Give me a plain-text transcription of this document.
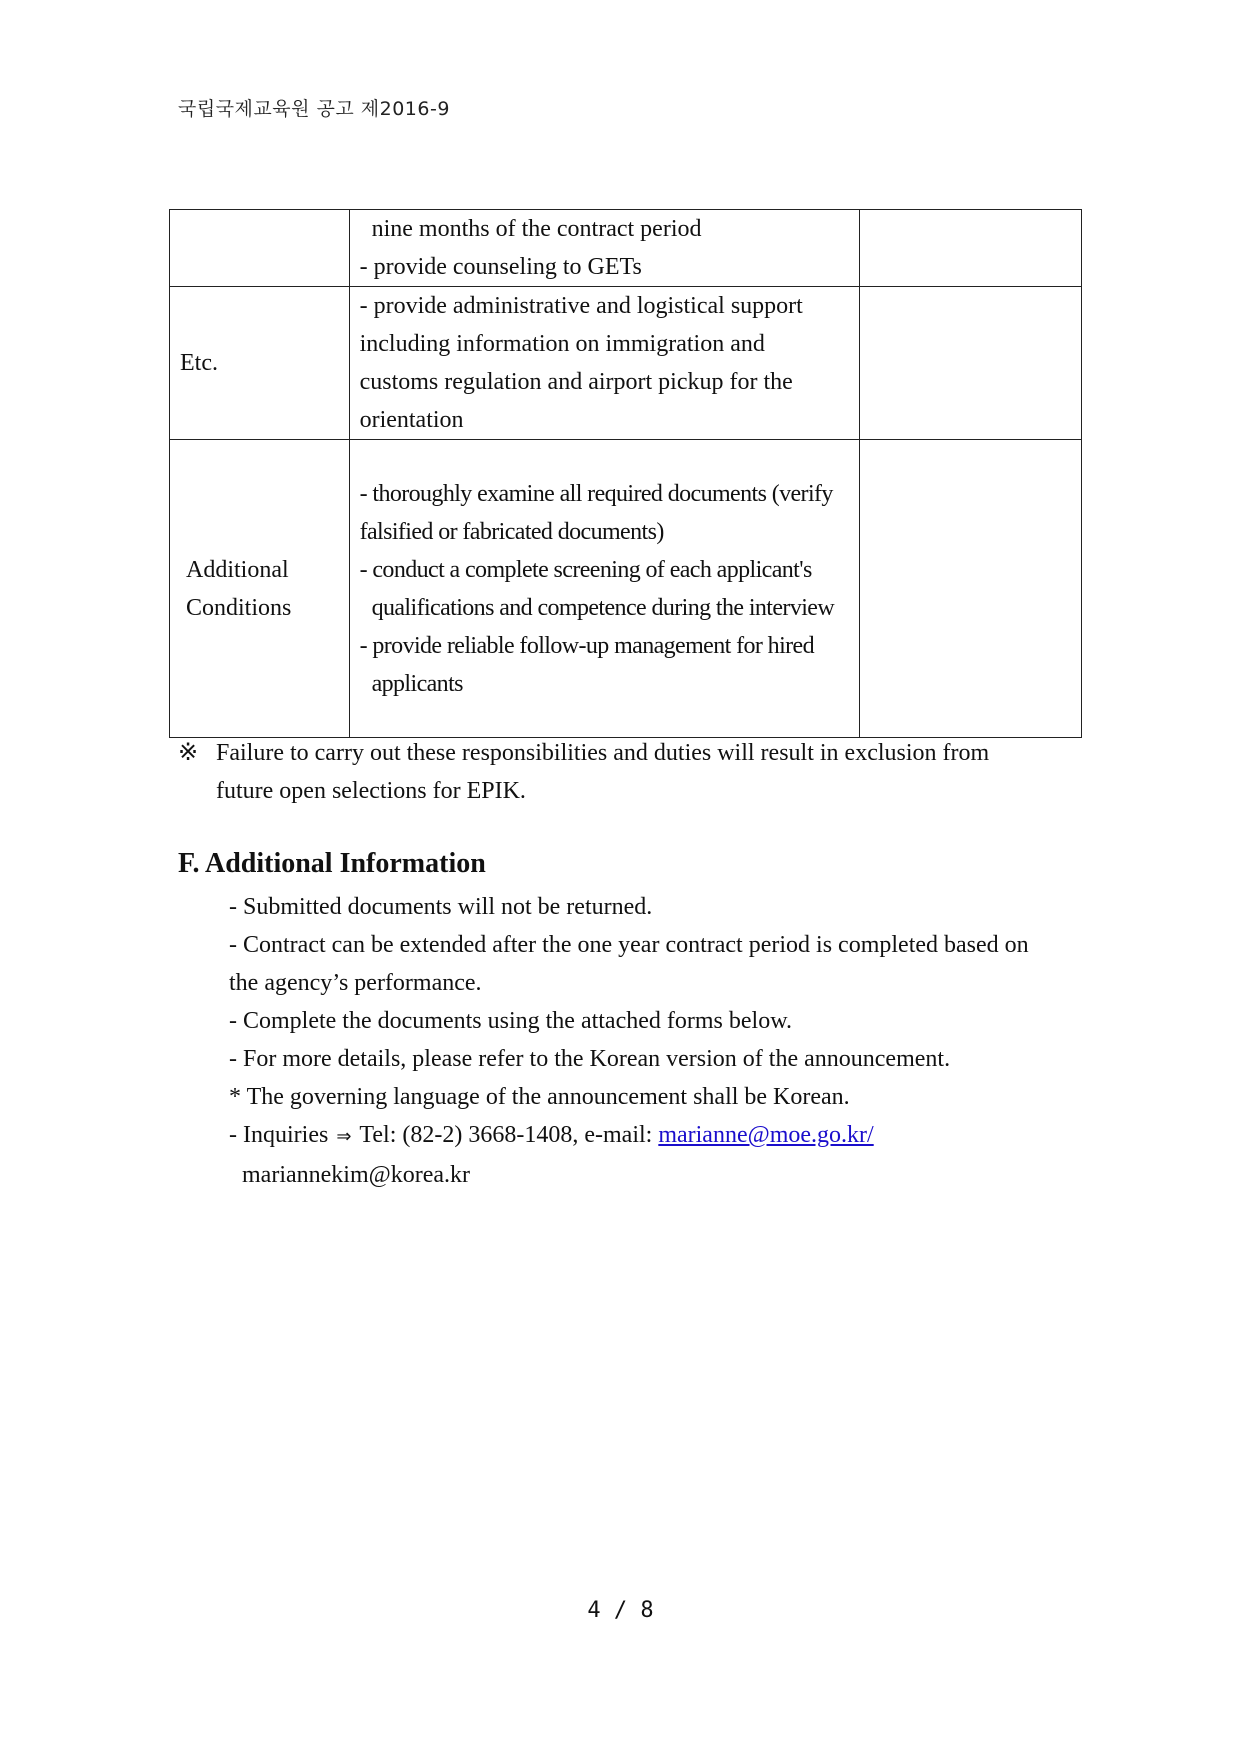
국립국제교육원 공고 제2016-9

	nine months of the contract period
- provide counseling to GETs	

Etc.	- provide administrative and logistical support
including information on immigration and
customs regulation and airport pickup for the
orientation	

Additional
Conditions

- thoroughly examine all required documents (verify
falsified or fabricated documents)
- conduct a complete screening of each applicant's
qualifications and competence during the interview
- provide reliable follow-up management for hired
applicants

※ Failure to carry out these responsibilities and duties will result in exclusion from
future open selections for EPIK.
F. Additional Information

- Submitted documents will not be returned.

- Contract can be extended after the one year contract period is completed based on

the agency’s performance.

- Complete the documents using the attached forms below.

- For more details, please refer to the Korean version of the announcement.

* The governing language of the announcement shall be Korean.

- Inquiries ⇒ Tel: (82-2) 3668-1408, e-mail: marianne@moe.go.kr/

mariannekim@korea.kr

4 / 8
